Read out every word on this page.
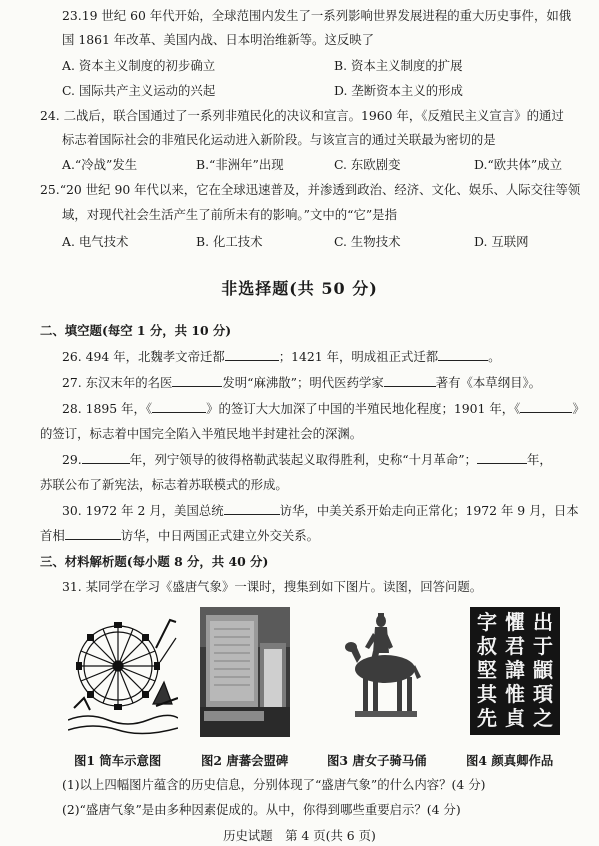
23.19 世纪 60 年代开始，全球范围内发生了一系列影响世界发展进程的重大历史事件，如俄
国 1861 年改革、美国内战、日本明治维新等。这反映了
A. 资本主义制度的初步确立	B. 资本主义制度的扩展
C. 国际共产主义运动的兴起	D. 垄断资本主义的形成
24. 二战后，联合国通过了一系列非殖民化的决议和宣言。1960 年，《反殖民主义宣言》的通过
标志着国际社会的非殖民化运动进入新阶段。与该宣言的通过关联最为密切的是
A.“冷战”发生	B.“非洲年”出现	C. 东欧剧变	D.“欧共体”成立
25.“20 世纪 90 年代以来，它在全球迅速普及，并渗透到政治、经济、文化、娱乐、人际交往等领
域，对现代社会生活产生了前所未有的影响。”文中的“它”是指
A. 电气技术	B. 化工技术	C. 生物技术	D. 互联网
非选择题(共 50 分)
二、填空题(每空 1 分，共 10 分)
26. 494 年，北魏孝文帝迁都	；1421 年，明成祖正式迁都	。
27. 东汉末年的名医	发明“麻沸散”；明代医药学家	著有《本草纲目》。
28. 1895 年，《	》的签订大大加深了中国的半殖民地化程度；1901 年，《	》
的签订，标志着中国完全陷入半殖民地半封建社会的深渊。
29.	年，列宁领导的彼得格勒武装起义取得胜利，史称“十月革命”；	年，
苏联公布了新宪法，标志着苏联模式的形成。
30. 1972 年 2 月，美国总统	访华，中美关系开始走向正常化；1972 年 9 月，日本
首相	访华，中日两国正式建立外交关系。
三、材料解析题(每小题 8 分，共 40 分)
31. 某同学在学习《盛唐气象》一课时，搜集到如下图片。读图，回答问题。
字 懼 出
叔 君 于
堅 諱 顓
其 惟 頊
先 貞 之
图1 筒车示意图	图2 唐蕃会盟碑	图3 唐女子骑马俑	图4 颜真卿作品
(1)以上四幅图片蕴含的历史信息，分别体现了“盛唐气象”的什么内容？(4 分)
(2)“盛唐气象”是由多种因素促成的。从中，你得到哪些重要启示？(4 分)
历史试题　第 4 页(共 6 页)
